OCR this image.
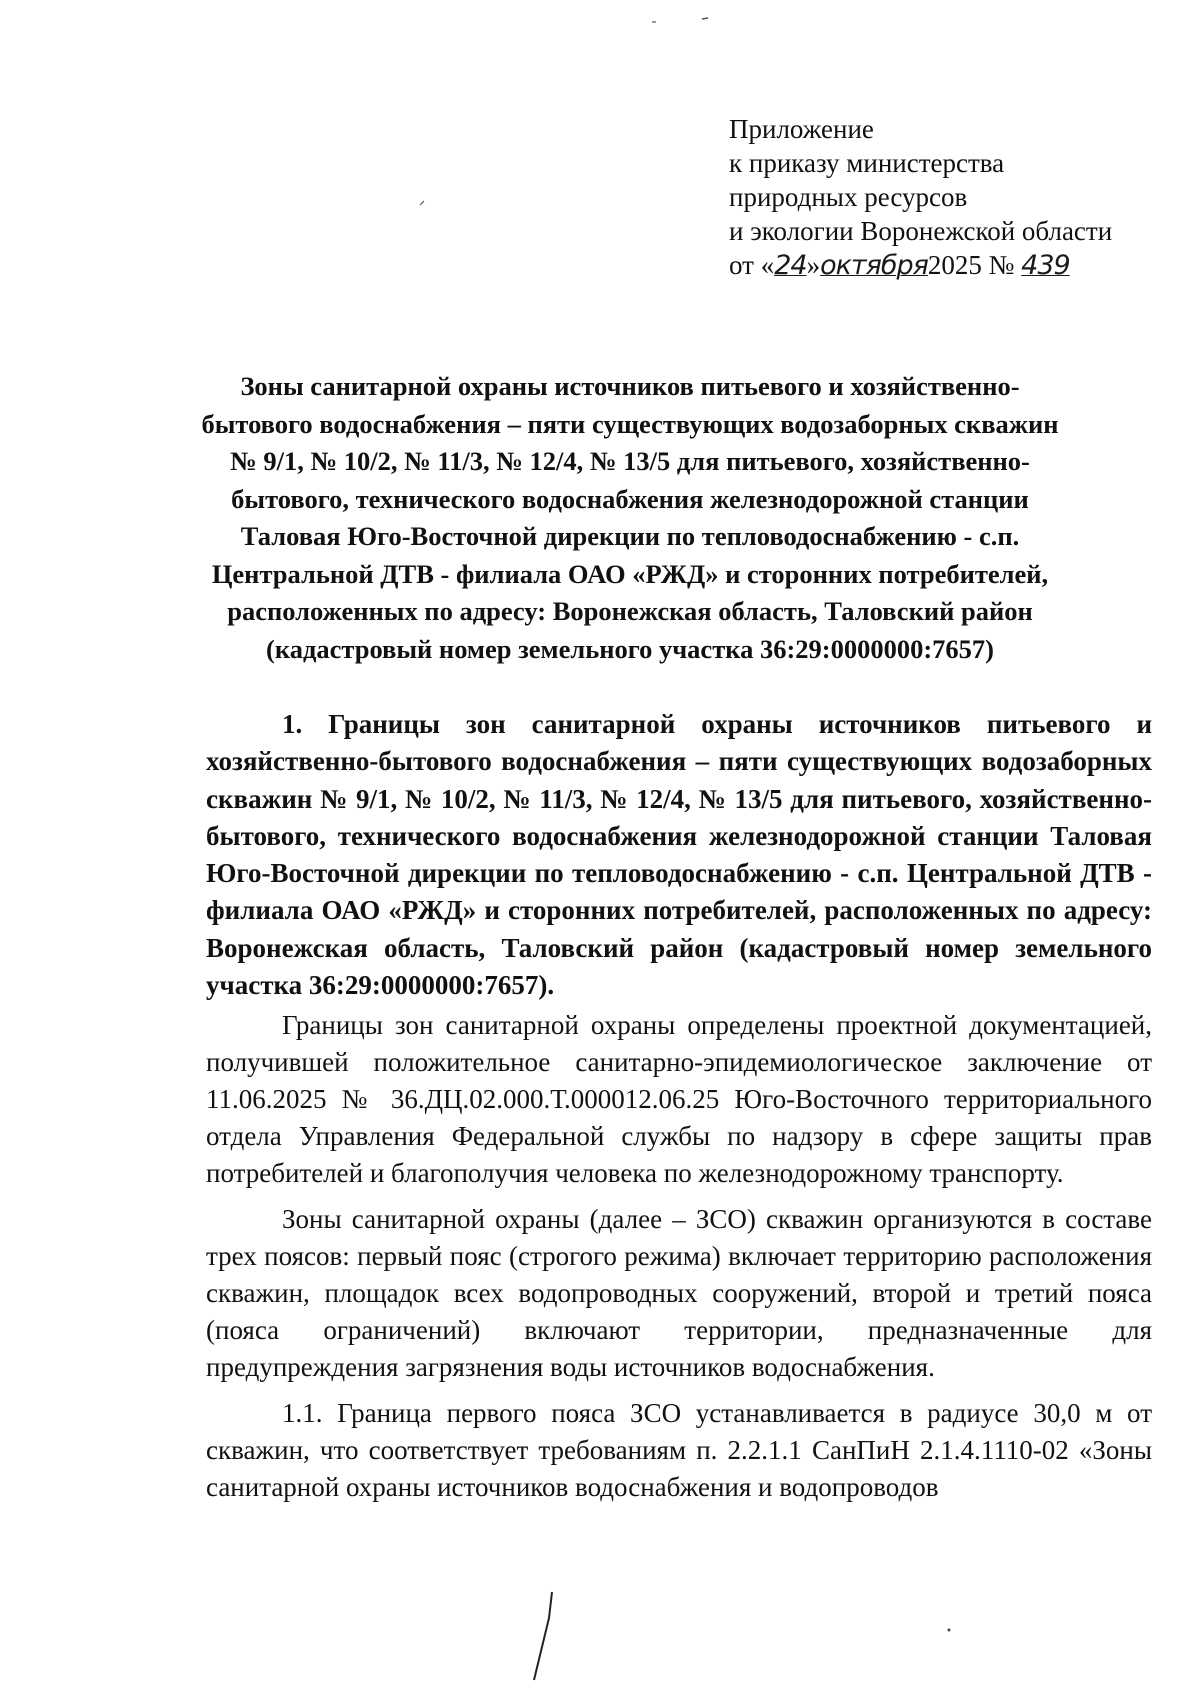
Приложение
к приказу министерства
природных ресурсов
и экологии Воронежской области
от «24»октября2025 № 439
Зоны санитарной охраны источников питьевого и хозяйственно-
бытового водоснабжения – пяти существующих водозаборных скважин
№ 9/1, № 10/2, № 11/3, № 12/4, № 13/5 для питьевого, хозяйственно-
бытового, технического водоснабжения железнодорожной станции
Таловая Юго-Восточной дирекции по тепловодоснабжению - с.п.
Центральной ДТВ - филиала ОАО «РЖД» и сторонних потребителей,
расположенных по адресу: Воронежская область, Таловский район
(кадастровый номер земельного участка 36:29:0000000:7657)

1. Границы зон санитарной охраны источников питьевого и хозяйственно-бытового водоснабжения – пяти существующих водозаборных скважин № 9/1, № 10/2, № 11/3, № 12/4, № 13/5 для питьевого, хозяйственно-бытового, технического водоснабжения железнодорожной станции Таловая Юго-Восточной дирекции по тепловодоснабжению - с.п. Центральной ДТВ - филиала ОАО «РЖД» и сторонних потребителей, расположенных по адресу: Воронежская область, Таловский район (кадастровый номер земельного участка 36:29:0000000:7657).

Границы зон санитарной охраны определены проектной документацией, получившей положительное санитарно-эпидемиологическое заключение от 11.06.2025 № 36.ДЦ.02.000.Т.000012.06.25 Юго-Восточного территориального отдела Управления Федеральной службы по надзору в сфере защиты прав потребителей и благополучия человека по железнодорожному транспорту.

Зоны санитарной охраны (далее – ЗСО) скважин организуются в составе трех поясов: первый пояс (строгого режима) включает территорию расположения скважин, площадок всех водопроводных сооружений, второй и третий пояса (пояса ограничений) включают территории, предназначенные для предупреждения загрязнения воды источников водоснабжения.

1.1. Граница первого пояса ЗСО устанавливается в радиусе 30,0 м от скважин, что соответствует требованиям п. 2.2.1.1 СанПиН 2.1.4.1110-02 «Зоны санитарной охраны источников водоснабжения и водопроводов
